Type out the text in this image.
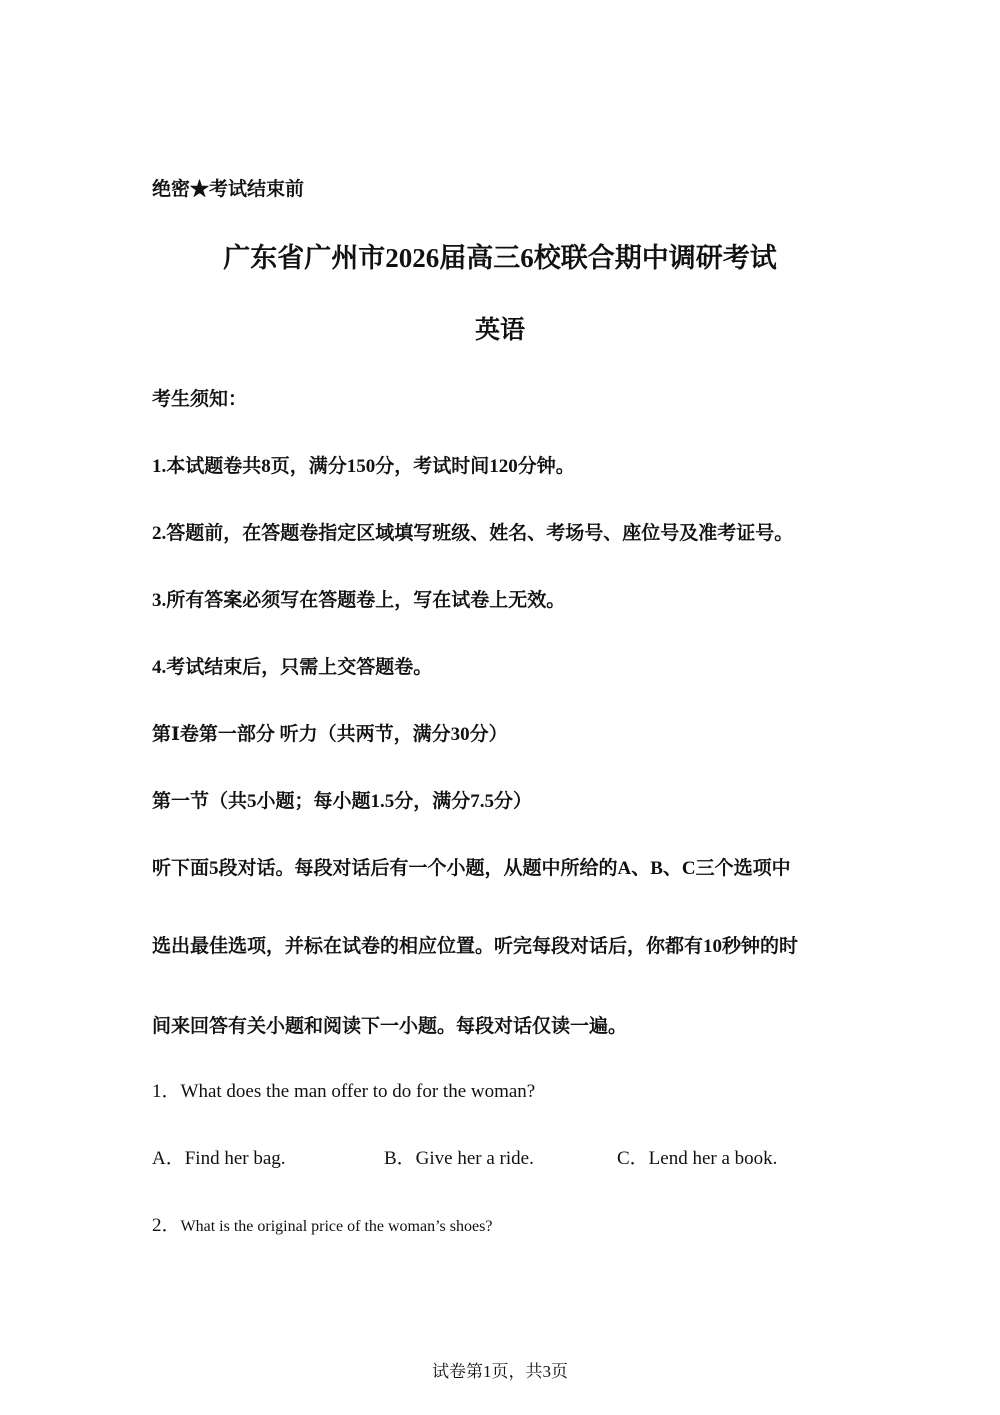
绝密★考试结束前
广东省广州市2026届高三6校联合期中调研考试
英语
考生须知：
1.本试题卷共8页，满分150分，考试时间120分钟。
2.答题前，在答题卷指定区域填写班级、姓名、考场号、座位号及准考证号。
3.所有答案必须写在答题卷上，写在试卷上无效。
4.考试结束后，只需上交答题卷。
第Ⅰ卷第一部分 听力（共两节，满分30分）
第一节（共5小题；每小题1.5分，满分7.5分）
听下面5段对话。每段对话后有一个小题，从题中所给的A、B、C三个选项中
选出最佳选项，并标在试卷的相应位置。听完每段对话后，你都有10秒钟的时
间来回答有关小题和阅读下一小题。每段对话仅读一遍。
1．What does the man offer to do for the woman?
A．Find her bag.	B．Give her a ride.	C．Lend her a book.
2．What is the original price of the woman’s shoes?
试卷第1页，共3页
